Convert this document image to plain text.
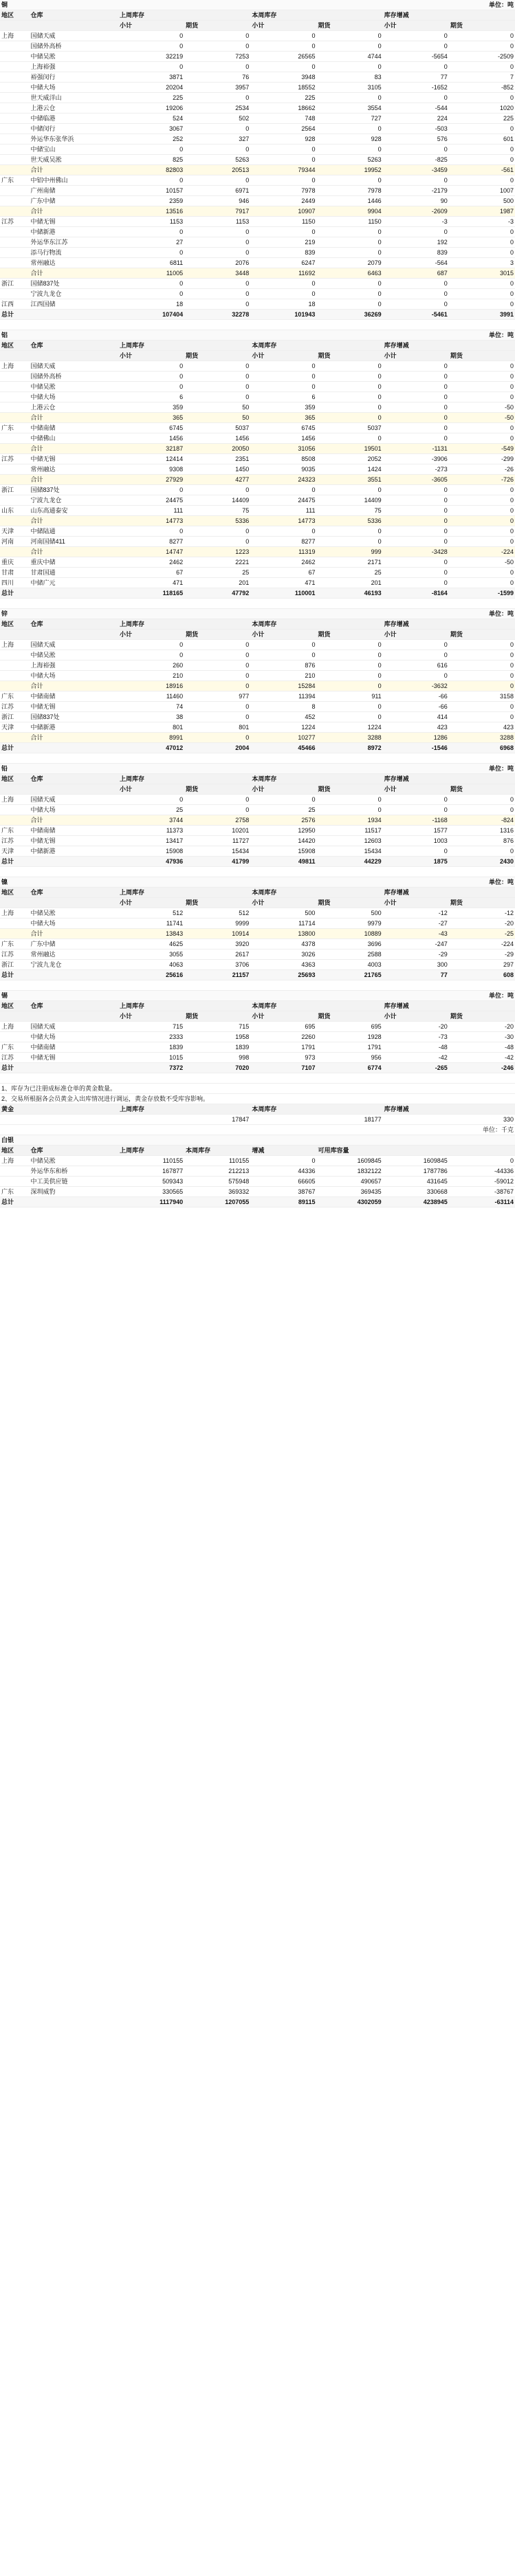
铜						单位：吨	
地区	仓库	上周库存		本周库存		库存增减	
		小计	期货	小计	期货	小计	期货
上海	国储天威	0	0	0	0	0	0
	国储外高桥	0	0	0	0	0	0
	中储吴淞	32219	7253	26565	4744	-5654	-2509
	上海裕强	0	0	0	0	0	0
	裕强闵行	3871	76	3948	83	77	7
	中储大场	20204	3957	18552	3105	-1652	-852
	世天威洋山	225	0	225	0	0	0
	上港云仓	19206	2534	18662	3554	-544	1020
	中储临港	524	502	748	727	224	225
	中储闵行	3067	0	2564	0	-503	0
	外运华东张华浜	252	327	928	928	576	601
	中储宝山	0	0	0	0	0	0
	世天威吴淞	825	5263	0	5263	-825	0
	合计	82803	20513	79344	19952	-3459	-561
广东	中铝中州佛山	0	0	0	0	0	0
	广州南储	10157	6971	7978	7978	-2179	1007
	广东中储	2359	946	2449	1446	90	500
	合计	13516	7917	10907	9904	-2609	1987
江苏	中储无锡	1153	1153	1150	1150	-3	-3
	中储新港	0	0	0	0	0	0
	外运华东江苏	27	0	219	0	192	0
	添马行物流	0	0	839	0	839	0
	常州融达	6811	2076	6247	2079	-564	3
	合计	11005	3448	11692	6463	687	3015
浙江	国储837处	0	0	0	0	0	0
	宁波九龙仓	0	0	0	0	0	0
江西	江西国储	18	0	18	0	0	0
总计		107404	32278	101943	36269	-5461	3991

铝						单位：吨	
地区	仓库	上周库存		本周库存		库存增减	
		小计	期货	小计	期货	小计	期货
上海	国储天威	0	0	0	0	0	0
	国储外高桥	0	0	0	0	0	0
	中储吴淞	0	0	0	0	0	0
	中储大场	6	0	6	0	0	0
	上港云仓	359	50	359	0	0	-50
	合计	365	50	365	0	0	-50
广东	中储南储	6745	5037	6745	5037	0	0
	中储佛山	1456	1456	1456	0	0	0
	合计	32187	20050	31056	19501	-1131	-549
江苏	中储无锡	12414	2351	8508	2052	-3906	-299
	常州融达	9308	1450	9035	1424	-273	-26
	合计	27929	4277	24323	3551	-3605	-726
浙江	国储837处	0	0	0	0	0	0
	宁波九龙仓	24475	14409	24475	14409	0	0
山东	山东高通泰安	111	75	111	75	0	0
	合计	14773	5336	14773	5336	0	0
天津	中储陆通	0	0	0	0	0	0
河南	河南国储411	8277	0	8277	0	0	0
	合计	14747	1223	11319	999	-3428	-224
重庆	重庆中储	2462	2221	2462	2171	0	-50
甘肃	甘肃国通	67	25	67	25	0	0
四川	中储广元	471	201	471	201	0	0
总计		118165	47792	110001	46193	-8164	-1599

锌						单位：吨	
地区	仓库	上周库存		本周库存		库存增减	
		小计	期货	小计	期货	小计	期货
上海	国储天威	0	0	0	0	0	0
	中储吴淞	0	0	0	0	0	0
	上海裕强	260	0	876	0	616	0
	中储大场	210	0	210	0	0	0
	合计	18916	0	15284	0	-3632	0
广东	中储南储	11460	977	11394	911	-66	3158
江苏	中储无锡	74	0	8	0	-66	0
浙江	国储837处	38	0	452	0	414	0
天津	中储新港	801	801	1224	1224	423	423
	合计	8991	0	10277	3288	1286	3288
总计		47012	2004	45466	8972	-1546	6968

铅						单位：吨	
地区	仓库	上周库存		本周库存		库存增减	
		小计	期货	小计	期货	小计	期货
上海	国储天威	0	0	0	0	0	0
	中储大场	25	0	25	0	0	0
	合计	3744	2758	2576	1934	-1168	-824
广东	中储南储	11373	10201	12950	11517	1577	1316
江苏	中储无锡	13417	11727	14420	12603	1003	876
天津	中储新港	15908	15434	15908	15434	0	0
总计		47936	41799	49811	44229	1875	2430

镍						单位：吨	
地区	仓库	上周库存		本周库存		库存增减	
		小计	期货	小计	期货	小计	期货
上海	中储吴淞	512	512	500	500	-12	-12
	中储大场	11741	9999	11714	9979	-27	-20
	合计	13843	10914	13800	10889	-43	-25
广东	广东中储	4625	3920	4378	3696	-247	-224
江苏	常州融达	3055	2617	3026	2588	-29	-29
浙江	宁波九龙仓	4063	3706	4363	4003	300	297
总计		25616	21157	25693	21765	77	608

锡						单位：吨	
地区	仓库	上周库存		本周库存		库存增减	
		小计	期货	小计	期货	小计	期货
上海	国储天威	715	715	695	695	-20	-20
	中储大场	2333	1958	2260	1928	-73	-30
广东	中储南储	1839	1839	1791	1791	-48	-48
江苏	中储无锡	1015	998	973	956	-42	-42
总计		7372	7020	7107	6774	-265	-246

1、库存为已注册成标准仓单的黄金数量。							
2、交易所根据各会员黄金入出库情况进行调运，黄金存放数不受库容影响。							
黄金		上周库存		本周库存		库存增减	
		17847		18177		330	
单位：千克							
白银							
地区	仓库	上周库存	本周库存	增减	可用库容量		
上海	中储吴淞	110155	110155	0	1609845	1609845	0
	外运华东和桥	167877	212213	44336	1832122	1787786	-44336
	中工美供应链	509343	575948	66605	490657	431645	-59012
广东	深圳威豹	330565	369332	38767	369435	330668	-38767
总计		1117940	1207055	89115	4302059	4238945	-63114
